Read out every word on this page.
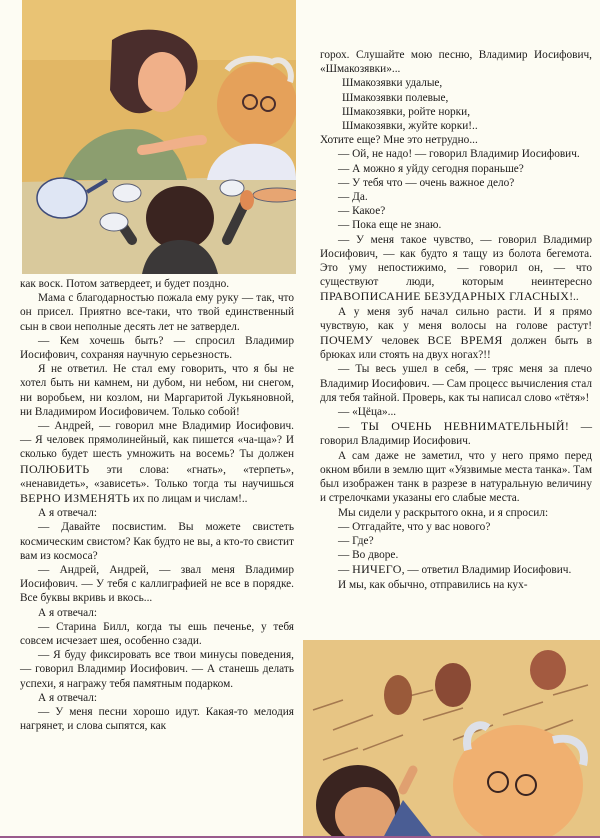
как воск. Потом затвердеет, и будет поздно.

Мама с благодарностью пожала ему руку — так, что он присел. Приятно все-таки, что твой единственный сын в свои неполные десять лет не затвердел.

— Кем хочешь быть? — спросил Владимир Иосифович, сохраняя научную серьезность.

Я не ответил. Не стал ему говорить, что я бы не хотел быть ни камнем, ни дубом, ни небом, ни снегом, ни воробьем, ни козлом, ни Маргаритой Лукьяновной, ни Владимиром Иосифовичем. Только собой!

— Андрей, — говорил мне Владимир Иосифович. — Я человек прямолинейный, как пишется «ча-ща»? И сколько будет шесть умножить на восемь? Ты должен ПОЛЮБИТЬ эти слова: «гнать», «терпеть», «ненавидеть», «зависеть». Только тогда ты научишься ВЕРНО ИЗМЕНЯТЬ их по лицам и числам!..

А я отвечал:

— Давайте посвистим. Вы можете свистеть космическим свистом? Как будто не вы, а кто-то свистит вам из космоса?

— Андрей, Андрей, — звал меня Владимир Иосифович. — У тебя с каллиграфией не все в порядке. Все буквы вкривь и вкось...

А я отвечал:

— Старина Билл, когда ты ешь печенье, у тебя совсем исчезает шея, особенно сзади.

— Я буду фиксировать все твои минусы поведения, — говорил Владимир Иосифович. — А станешь делать успехи, я награжу тебя памятным подарком.

А я отвечал:

— У меня песни хорошо идут. Какая-то мелодия нагрянет, и слова сыпятся, как

горох. Слушайте мою песню, Владимир Иосифович, «Шмакозявки»...

Шмакозявки удалые,

Шмакозявки полевые,

Шмакозявки, ройте норки,

Шмакозявки, жуйте корки!..

Хотите еще? Мне это нетрудно...

— Ой, не надо! — говорил Владимир Иосифович.

— А можно я уйду сегодня пораньше?

— У тебя что — очень важное дело?

— Да.

— Какое?

— Пока еще не знаю.

— У меня такое чувство, — говорил Владимир Иосифович, — как будто я тащу из болота бегемота. Это уму непостижимо, — говорил он, — что существуют люди, которым неинтересно ПРАВОПИСАНИЕ БЕЗУДАРНЫХ ГЛАСНЫХ!..

А у меня зуб начал сильно расти. И я прямо чувствую, как у меня волосы на голове растут! ПОЧЕМУ человек ВСЕ ВРЕМЯ должен быть в брюках или стоять на двух ногах?!!

— Ты весь ушел в себя, — тряс меня за плечо Владимир Иосифович. — Сам процесс вычисления стал для тебя тайной. Проверь, как ты написал слово «тётя»!

— «Цёца»...

— ТЫ ОЧЕНЬ НЕВНИМАТЕЛЬНЫЙ! — говорил Владимир Иосифович.

А сам даже не заметил, что у него прямо перед окном вбили в землю щит «Уязвимые места танка». Там был изображен танк в разрезе в натуральную величину и стрелочками указаны его слабые места.

Мы сидели у раскрытого окна, и я спросил:

— Отгадайте, что у вас нового?

— Где?

— Во дворе.

— НИЧЕГО, — ответил Владимир Иосифович.

И мы, как обычно, отправились на кух-
